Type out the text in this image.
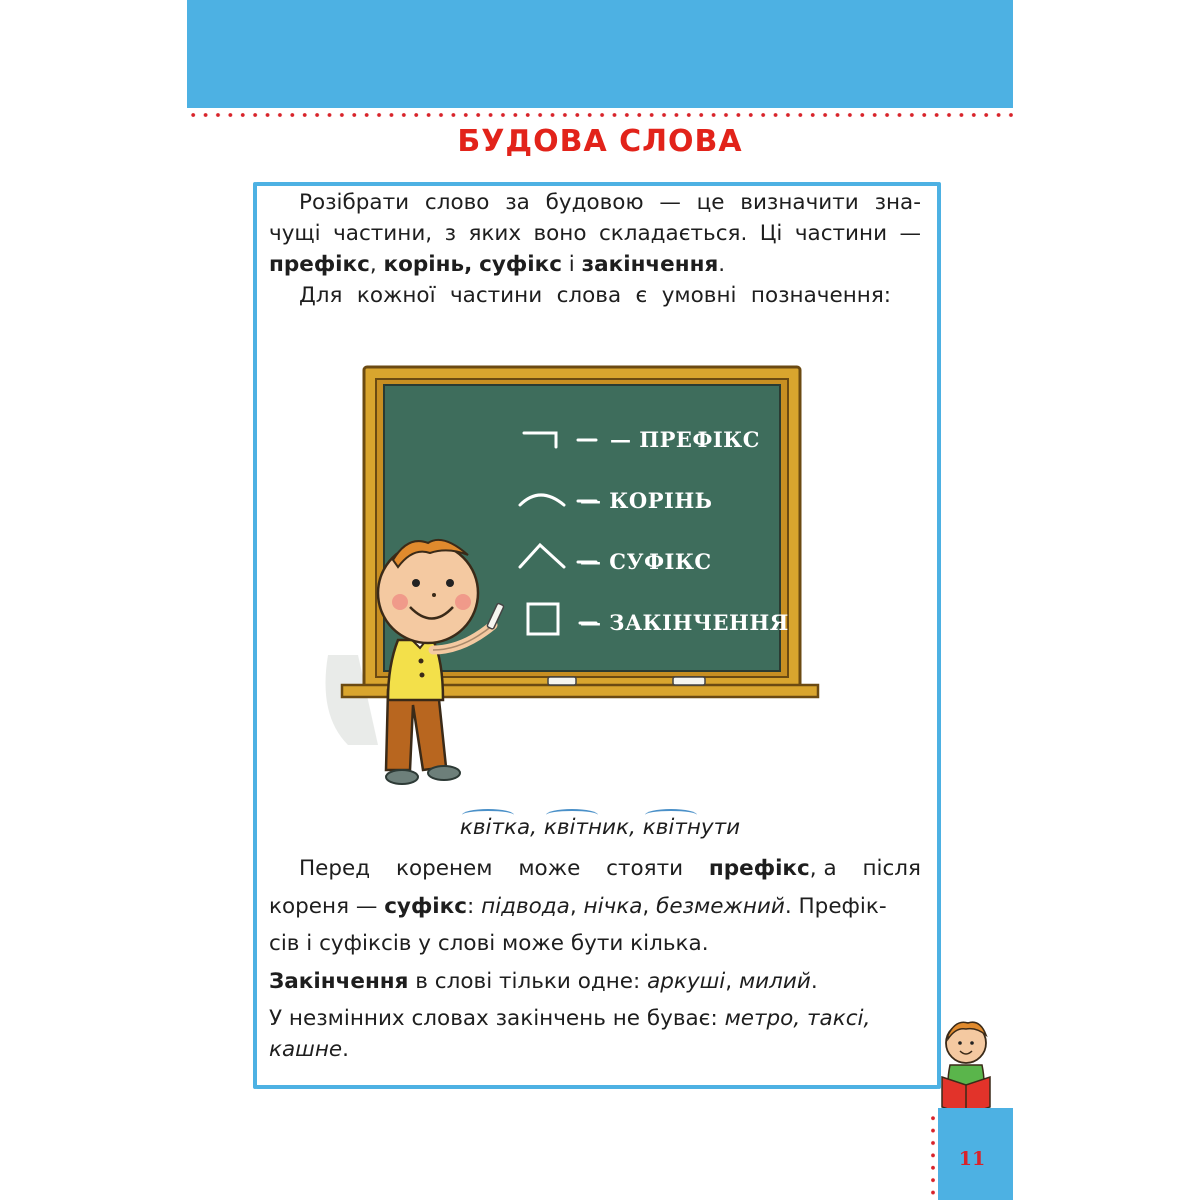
БУДОВА СЛОВА
Розібрати слово за будовою — це визначити зна-
чущі частини, з яких воно складається. Ці частини —
префікс, корінь, суфікс і закінчення.
Для кожної частини слова є умовні позначення:
— ПРЕФІКС
— КОРІНЬ
— СУФІКС
— ЗАКІНЧЕННЯ
квітка, квітник, квітнути
Перед коренем може стояти префікс, а після
кореня — суфікс: підвода, нічка, безмежний. Префік-
сів і суфіксів у слові може бути кілька.
Закінчення в слові тільки одне: аркуші, милий.
У незмінних словах закінчень не буває: метро, таксі,
кашне.
11
